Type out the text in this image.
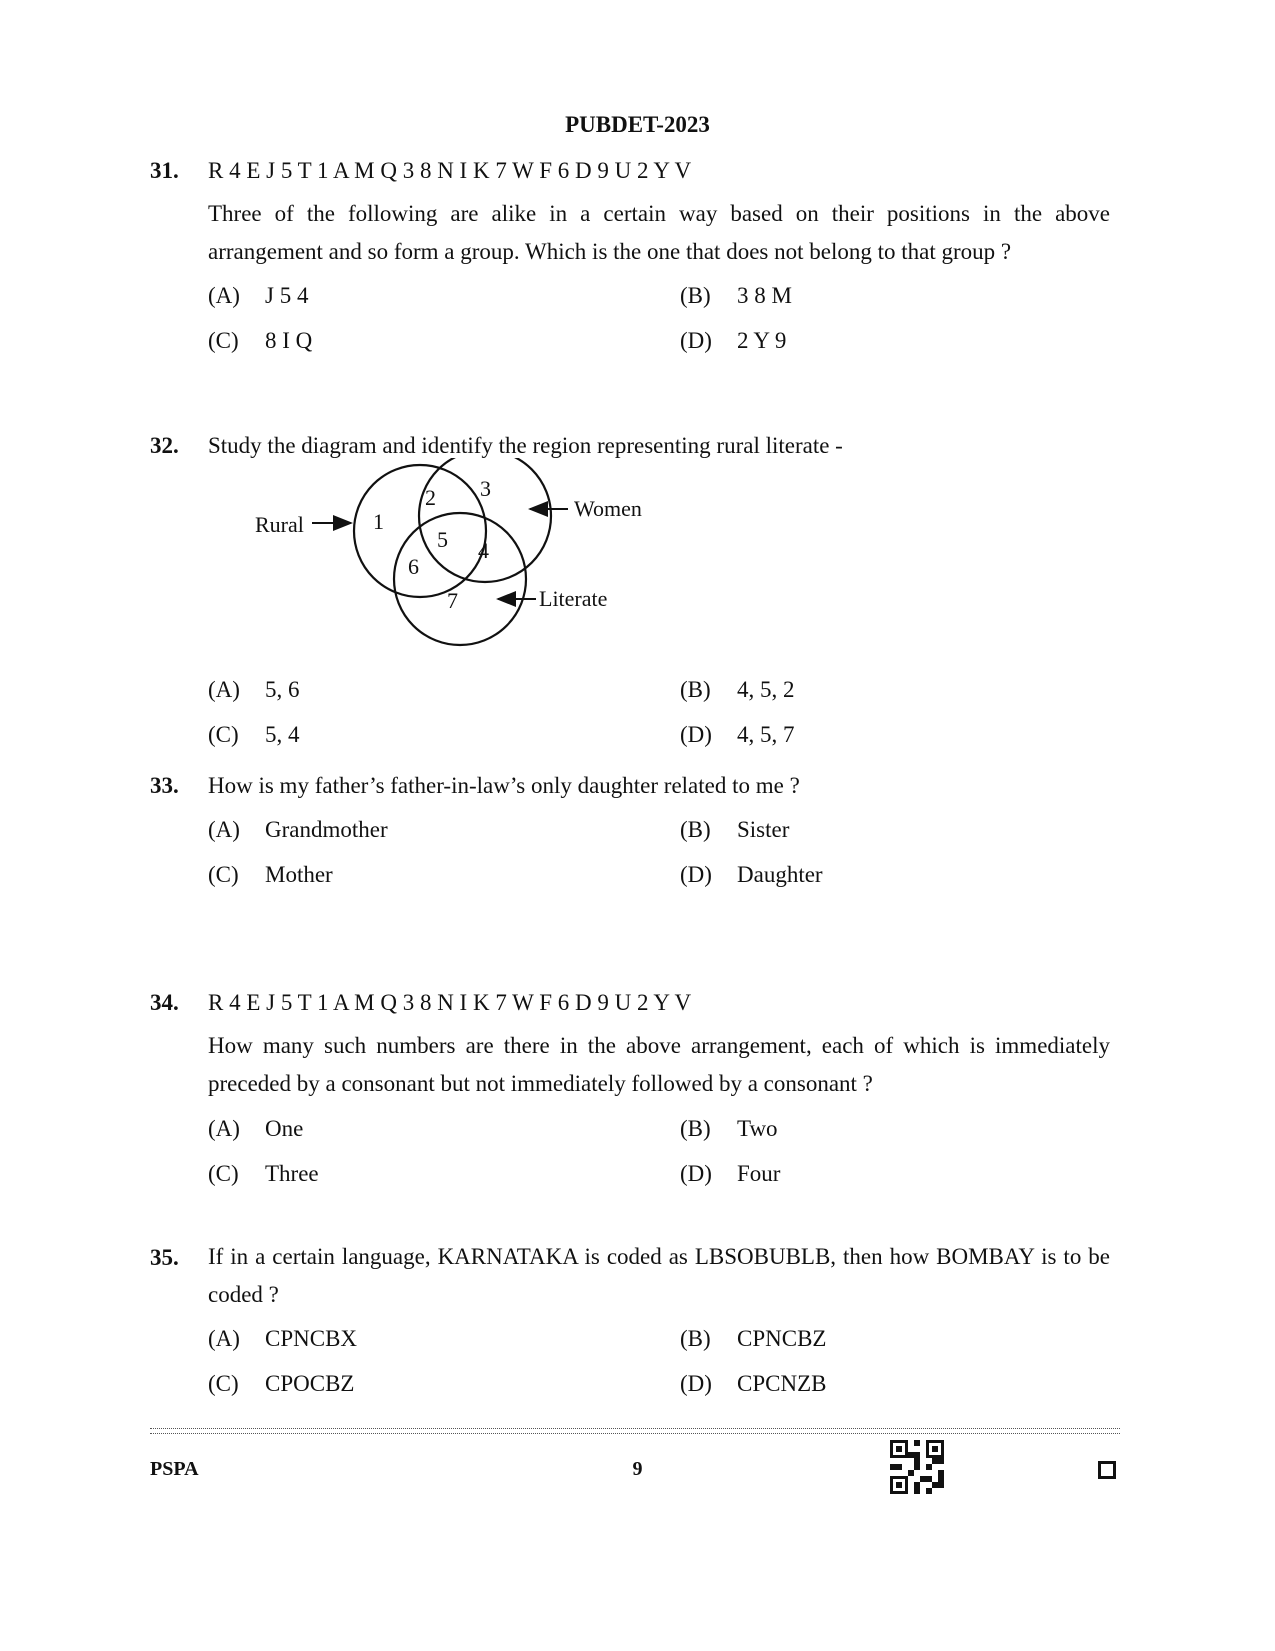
PUBDET-2023
31.	R 4 E J 5 T 1 A M Q 3 8 N I K 7 W F 6 D 9 U 2 Y V
Three of the following are alike in a certain way based on their positions in the above arrangement and so form a group. Which is the one that does not belong to that group ?
(A) J 5 4	(B) 3 8 M
(C) 8 I Q	(D) 2 Y 9
32.	Study the diagram and identify the region representing rural literate -
(A) 5, 6	(B) 4, 5, 2
(C) 5, 4	(D) 4, 5, 7
1
2 3
4
5
6
7
Rural
Women
Literate
33.	How is my father’s father-in-law’s only daughter related to me ?
(A) Grandmother	(B) Sister
(C) Mother	(D) Daughter
34.	R 4 E J 5 T 1 A M Q 3 8 N I K 7 W F 6 D 9 U 2 Y V
How many such numbers are there in the above arrangement, each of which is immediately preceded by a consonant but not immediately followed by a consonant ?
(A) One	(B) Two
(C) Three	(D) Four
35.	If in a certain language, KARNATAKA is coded as LBSOBUBLB, then how BOMBAY is to be coded ?
(A) CPNCBX	(B) CPNCBZ
(C) CPOCBZ	(D) CPCNZB
PSPA	9
